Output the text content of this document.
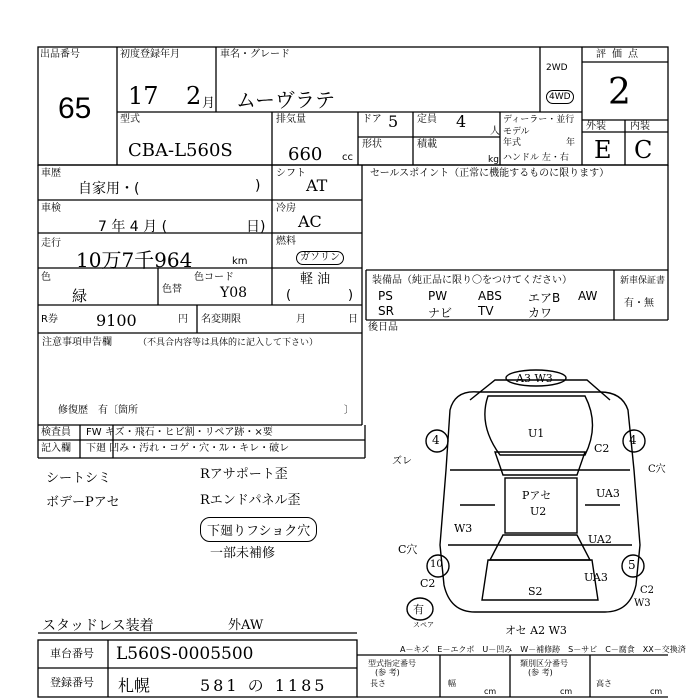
出品番号
65
初度登録年月
17 2 月
車名・グレード
ムーヴラテ
2WD
4WD
評価点
2
型式
CBA-L560S
排気量
660 cc
ドア 5 定員 4
人
ディーラー・並行
モデル
年式	年
形状	積載
kg ハンドル 左・右
外装 内装
E C
車歴
自家用・(	)
シフト
AT
車検
7 年 4 月 (	日)
冷房
AC
走行
10万7千964	km
燃料
ガソリン
軽 油
(	)
色
緑	色替
色コード
Y08
R券 9100	円 名変期限	月	日
セールスポイント（正常に機能するものに限ります）
装備品（純正品に限り〇をつけてください）	新車保証書
有・無
PS	PW	ABS	エアB	AW
SR	ナビ	TV	カワ
後日品
注意事項申告欄	（不具合内容等は具体的に記入して下さい）
修復歴　有〔箇所	〕
検査員
記入欄
FW キズ・飛石・ヒビ割・リペア跡・×要
下廻 凹み・汚れ・コゲ・穴・ｽﾚ・キレ・破レ
シートシミ
ボデーPアセ
Rアサポート歪
Rエンドパネル歪
下廻りフショク穴
一部未補修
スタッドレス装着	外AW
車台番号 L560S-0005500
登録番号 札幌	581 の 1185
A－キズ　E－エクボ　U－凹み　W－補修跡　S－サビ　C－腐食　XX－交換済
型式指定番号
(参 考)
類別区分番号
(参 考)
長さ
cm
幅
cm
高さ
cm
A3 W3
U1
Pアセ
U2
S2
オセ A2 W3
ズレ
W3
C穴
C2
C2
C穴
UA3
UA2
UA3
C2
W3
4	4
10	5
有
スペア
